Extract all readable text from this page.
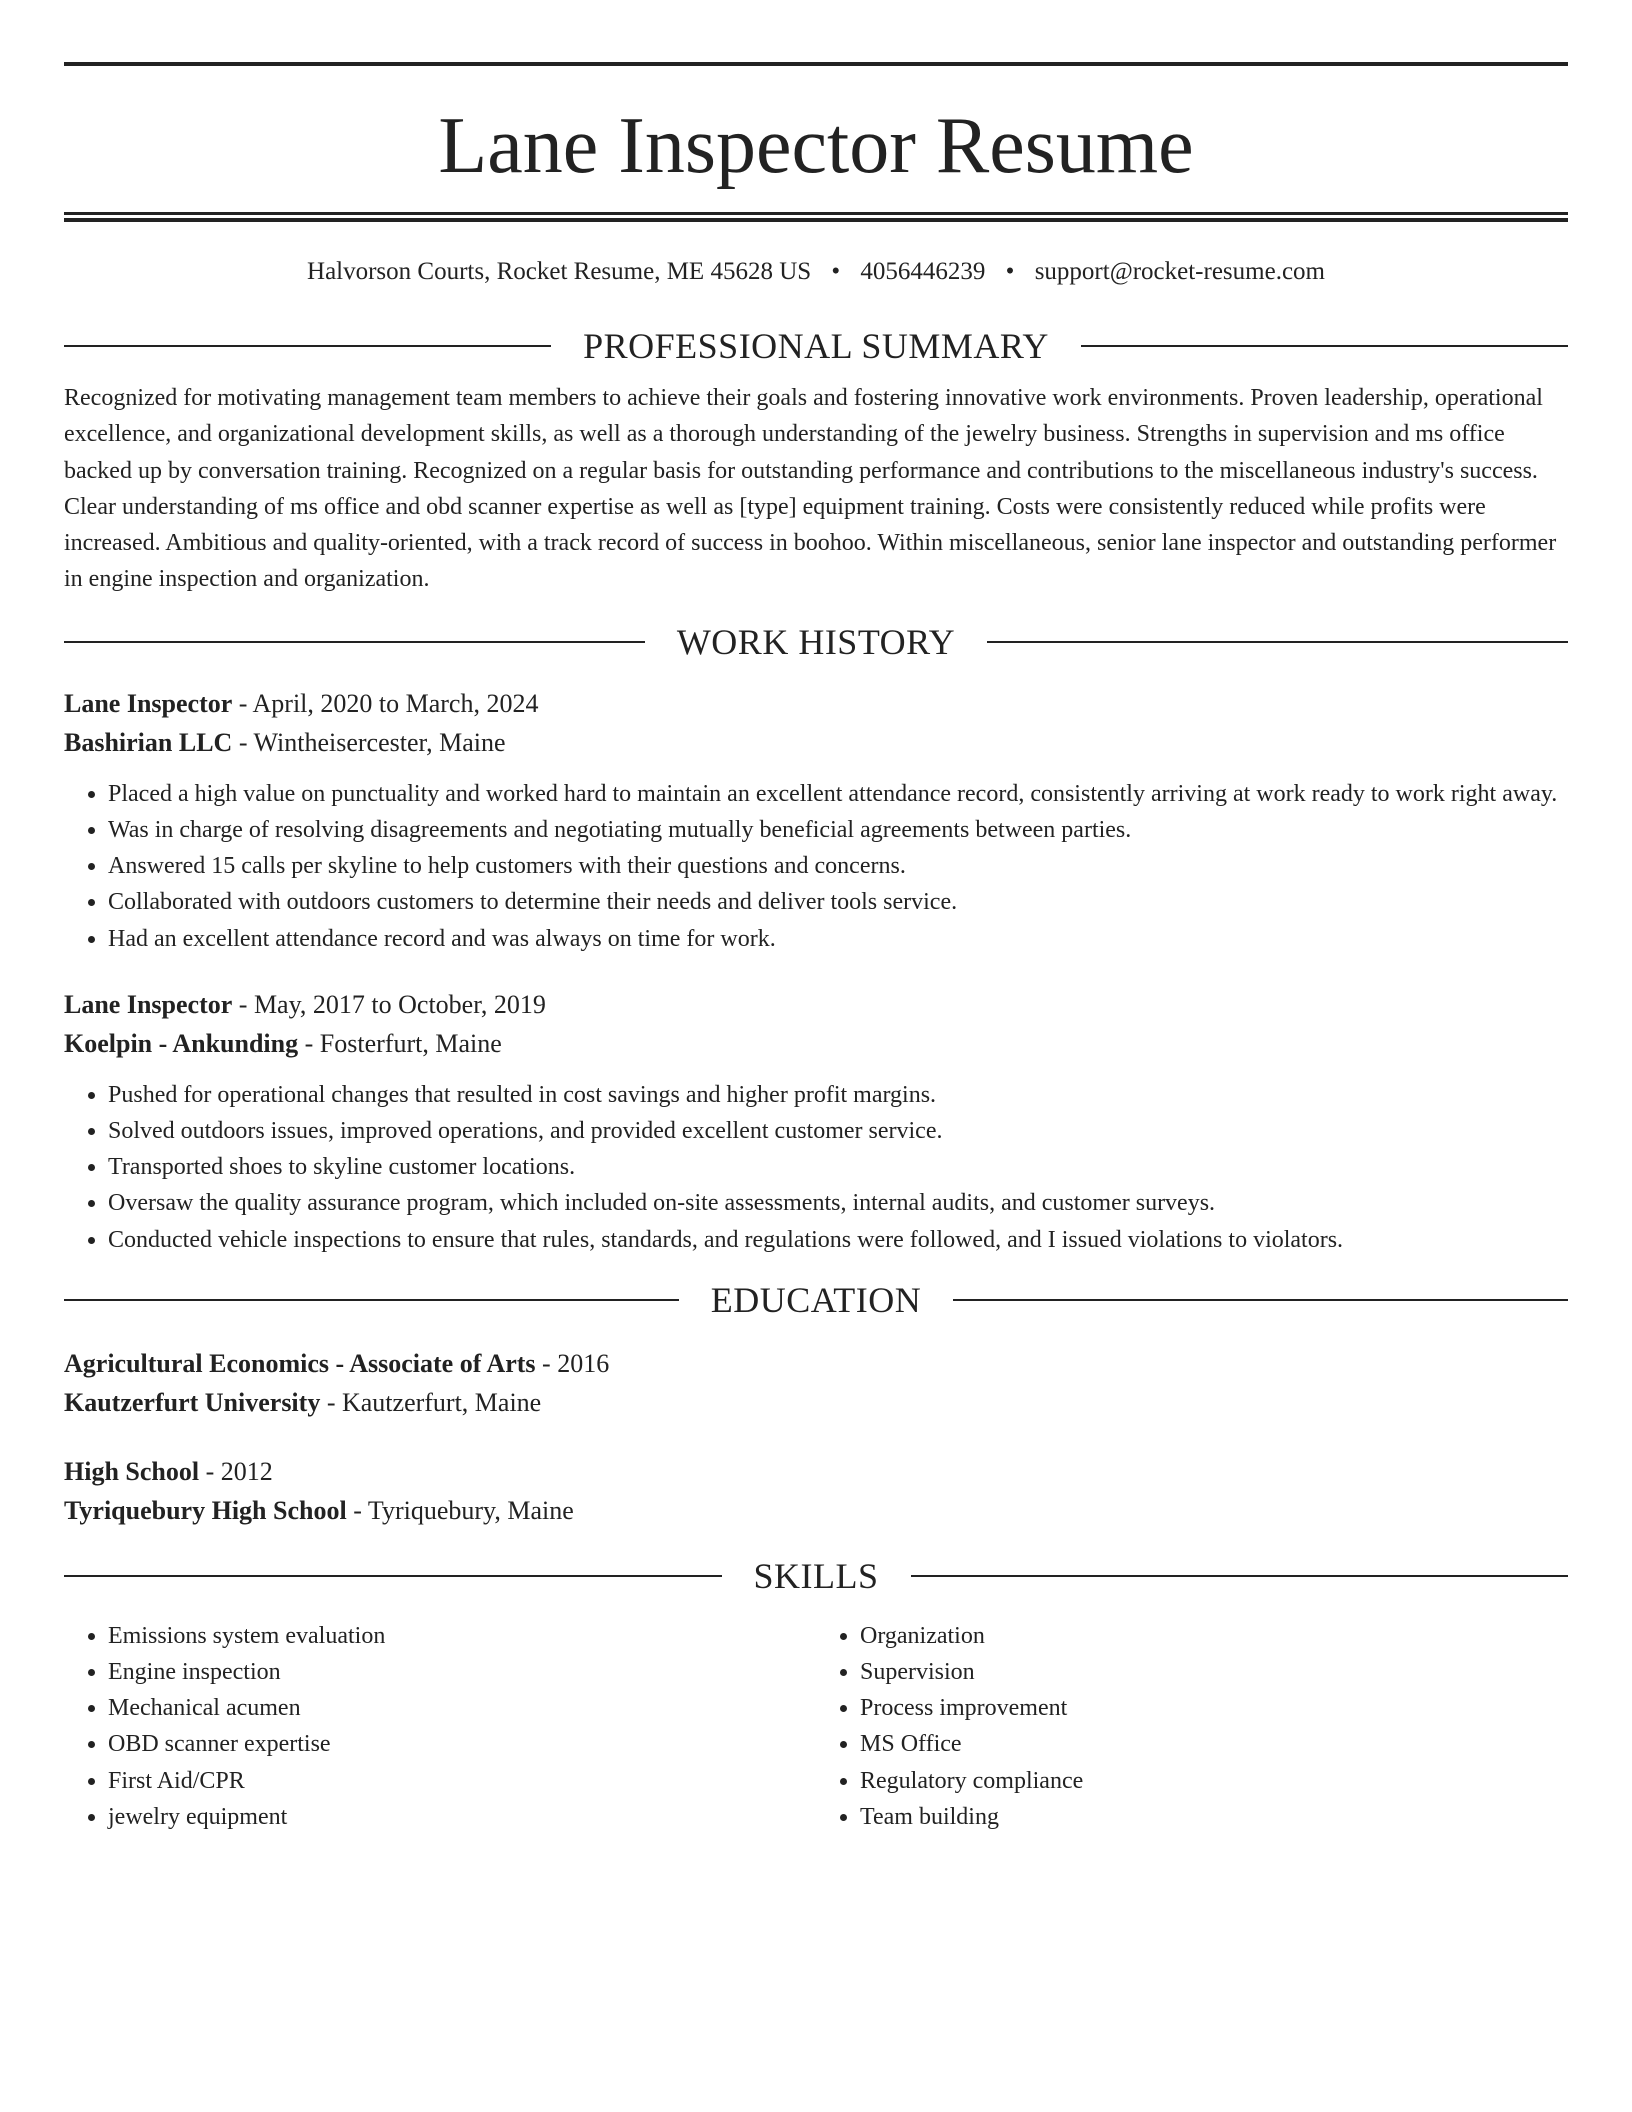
Lane Inspector Resume
Halvorson Courts, Rocket Resume, ME 45628 US • 4056446239 • support@rocket-resume.com
PROFESSIONAL SUMMARY

Recognized for motivating management team members to achieve their goals and fostering innovative work environments. Proven leadership, operational excellence, and organizational development skills, as well as a thorough understanding of the jewelry business. Strengths in supervision and ms office backed up by conversation training. Recognized on a regular basis for outstanding performance and contributions to the miscellaneous industry's success. Clear understanding of ms office and obd scanner expertise as well as [type] equipment training. Costs were consistently reduced while profits were increased. Ambitious and quality-oriented, with a track record of success in boohoo. Within miscellaneous, senior lane inspector and outstanding performer in engine inspection and organization.

WORK HISTORY
Lane Inspector - April, 2020 to March, 2024
Bashirian LLC - Wintheisercester, Maine
• Placed a high value on punctuality and worked hard to maintain an excellent attendance record, consistently arriving at work ready to work right away.
• Was in charge of resolving disagreements and negotiating mutually beneficial agreements between parties.
• Answered 15 calls per skyline to help customers with their questions and concerns.
• Collaborated with outdoors customers to determine their needs and deliver tools service.
• Had an excellent attendance record and was always on time for work.
Lane Inspector - May, 2017 to October, 2019
Koelpin - Ankunding - Fosterfurt, Maine
• Pushed for operational changes that resulted in cost savings and higher profit margins.
• Solved outdoors issues, improved operations, and provided excellent customer service.
• Transported shoes to skyline customer locations.
• Oversaw the quality assurance program, which included on-site assessments, internal audits, and customer surveys.
• Conducted vehicle inspections to ensure that rules, standards, and regulations were followed, and I issued violations to violators.
EDUCATION
Agricultural Economics - Associate of Arts - 2016
Kautzerfurt University - Kautzerfurt, Maine
High School - 2012
Tyriquebury High School - Tyriquebury, Maine
SKILLS
• Emissions system evaluation
• Engine inspection
• Mechanical acumen
• OBD scanner expertise
• First Aid/CPR
• jewelry equipment
• Organization
• Supervision
• Process improvement
• MS Office
• Regulatory compliance
• Team building
